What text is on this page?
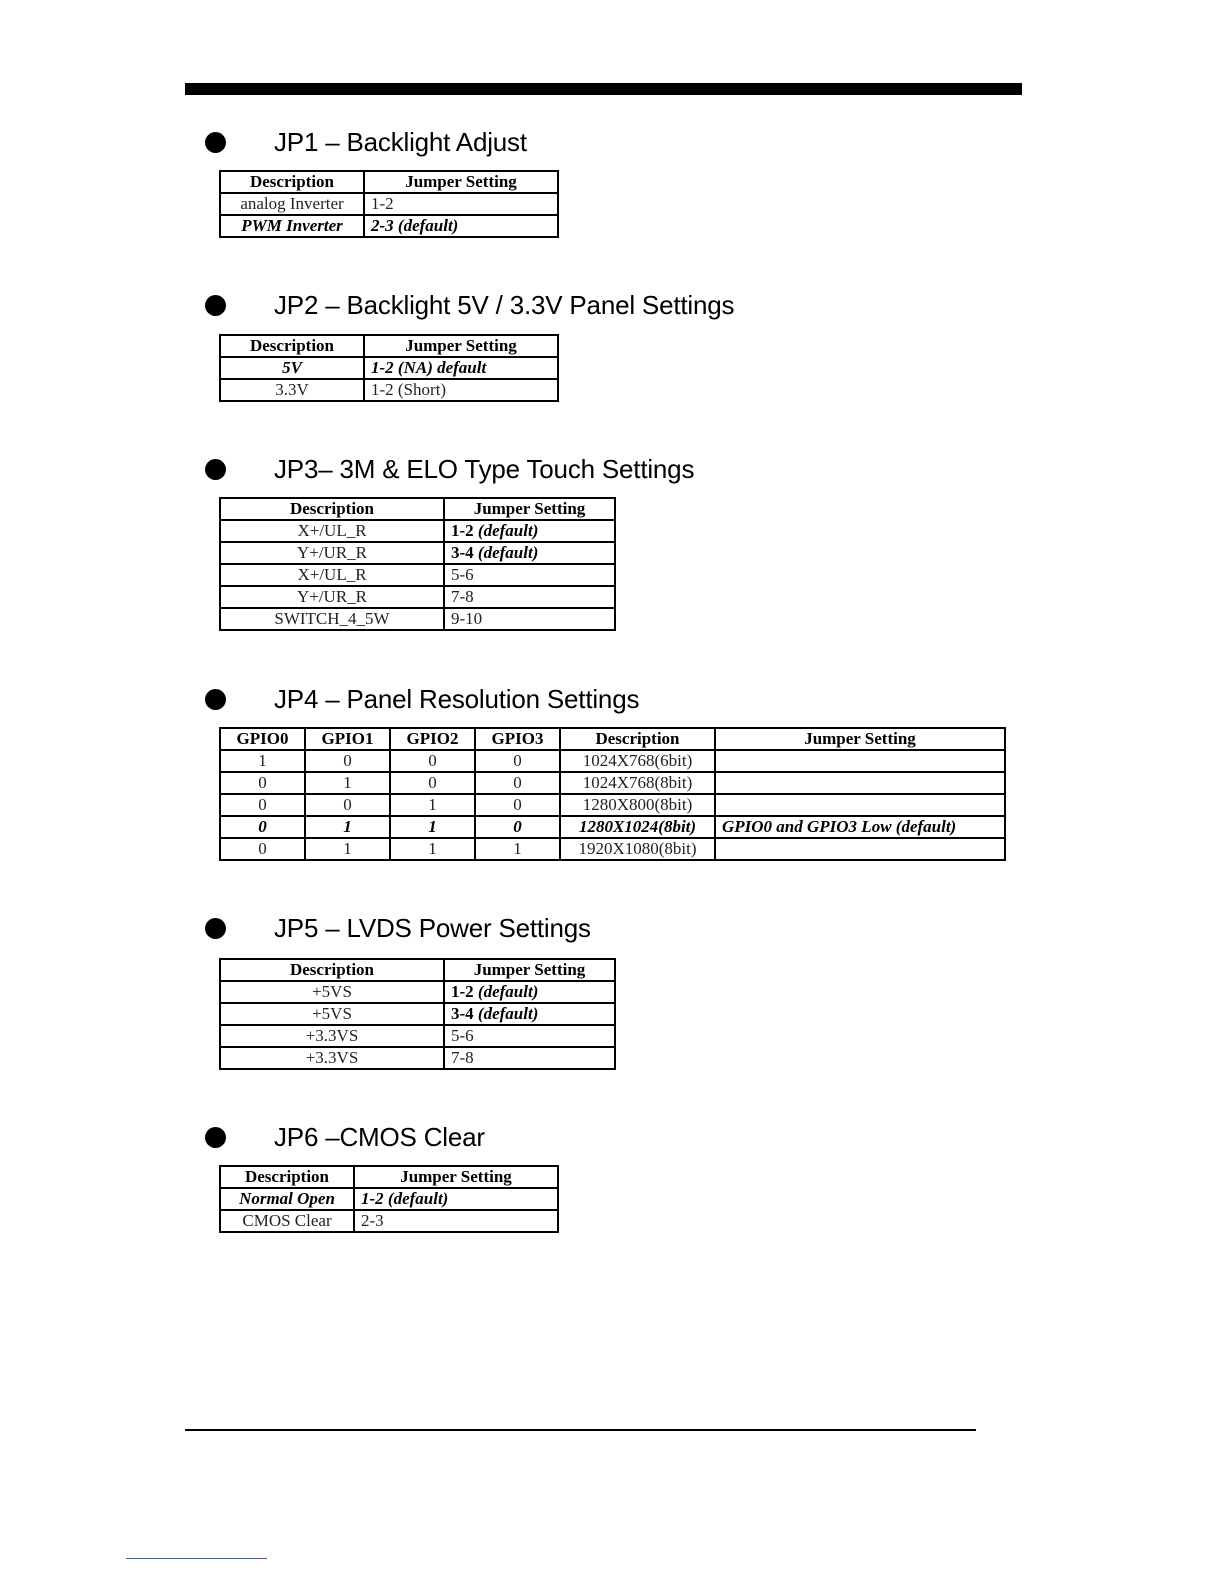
JP1 – Backlight Adjust
Description	Jumper Setting
analog Inverter	1-2
PWM Inverter	2-3 (default)
JP2 – Backlight 5V / 3.3V Panel Settings
Description	Jumper Setting
5V	1-2 (NA) default
3.3V	1-2 (Short)
JP3– 3M & ELO Type Touch Settings
Description	Jumper Setting
X+/UL_R	1-2 (default)
Y+/UR_R	3-4 (default)
X+/UL_R	5-6
Y+/UR_R	7-8
SWITCH_4_5W	9-10
JP4 – Panel Resolution Settings
GPIO0	GPIO1	GPIO2	GPIO3	Description	Jumper Setting
1	0	0	0	1024X768(6bit)	
0	1	0	0	1024X768(8bit)	
0	0	1	0	1280X800(8bit)	
0	1	1	0	1280X1024(8bit)	GPIO0 and GPIO3 Low (default)
0	1	1	1	1920X1080(8bit)	
JP5 – LVDS Power Settings
Description	Jumper Setting
+5VS	1-2 (default)
+5VS	3-4 (default)
+3.3VS	5-6
+3.3VS	7-8
JP6 –CMOS Clear
Description	Jumper Setting
Normal Open	1-2 (default)
CMOS Clear	2-3
